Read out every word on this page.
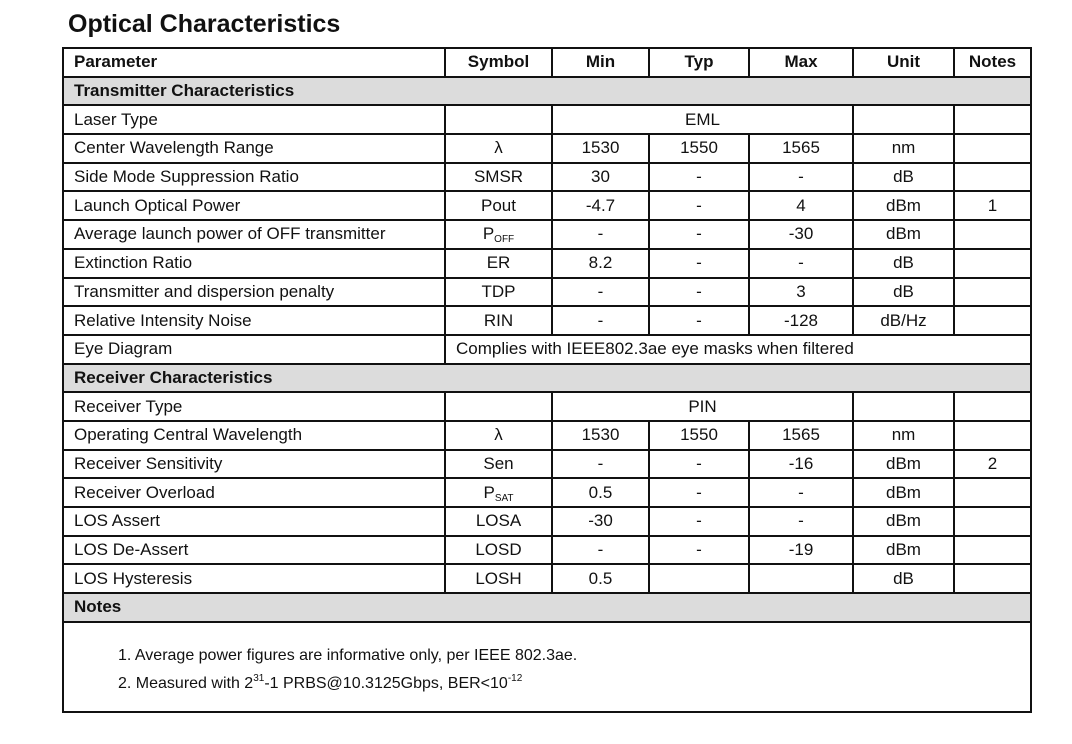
Optical Characteristics
Parameter	Symbol	Min	Typ	Max	Unit	Notes
Transmitter Characteristics						
Laser Type		EML				
Center Wavelength Range	λ	1530	1550	1565	nm	
Side Mode Suppression Ratio	SMSR	30	-	-	dB	
Launch Optical Power	Pout	-4.7	-	4	dBm	1
Average launch power of OFF transmitter	$P_{OFF}$	-	-	-30	dBm	
Extinction Ratio	ER	8.2	-	-	dB	
Transmitter and dispersion penalty	TDP	-	-	3	dB	
Relative Intensity Noise	RIN	-	-	-128	dB/Hz	
Eye Diagram	Complies with IEEE802.3ae eye masks when filtered					
Receiver Characteristics						
Receiver Type		PIN				
Operating Central Wavelength	λ	1530	1550	1565	nm	
Receiver Sensitivity	Sen	-	-	-16	dBm	2
Receiver Overload	$P_{SAT}$	0.5	-	-	dBm	
LOS Assert	LOSA	-30	-	-	dBm	
LOS De-Assert	LOSD	-	-	-19	dBm	
LOS Hysteresis	LOSH	0.5			dB	
Notes						

1. Average power figures are informative only, per IEEE 802.3ae.
2. Measured with $2^{31}-1$ PRBS@10.3125Gbps, $BER<10^{-12}$
